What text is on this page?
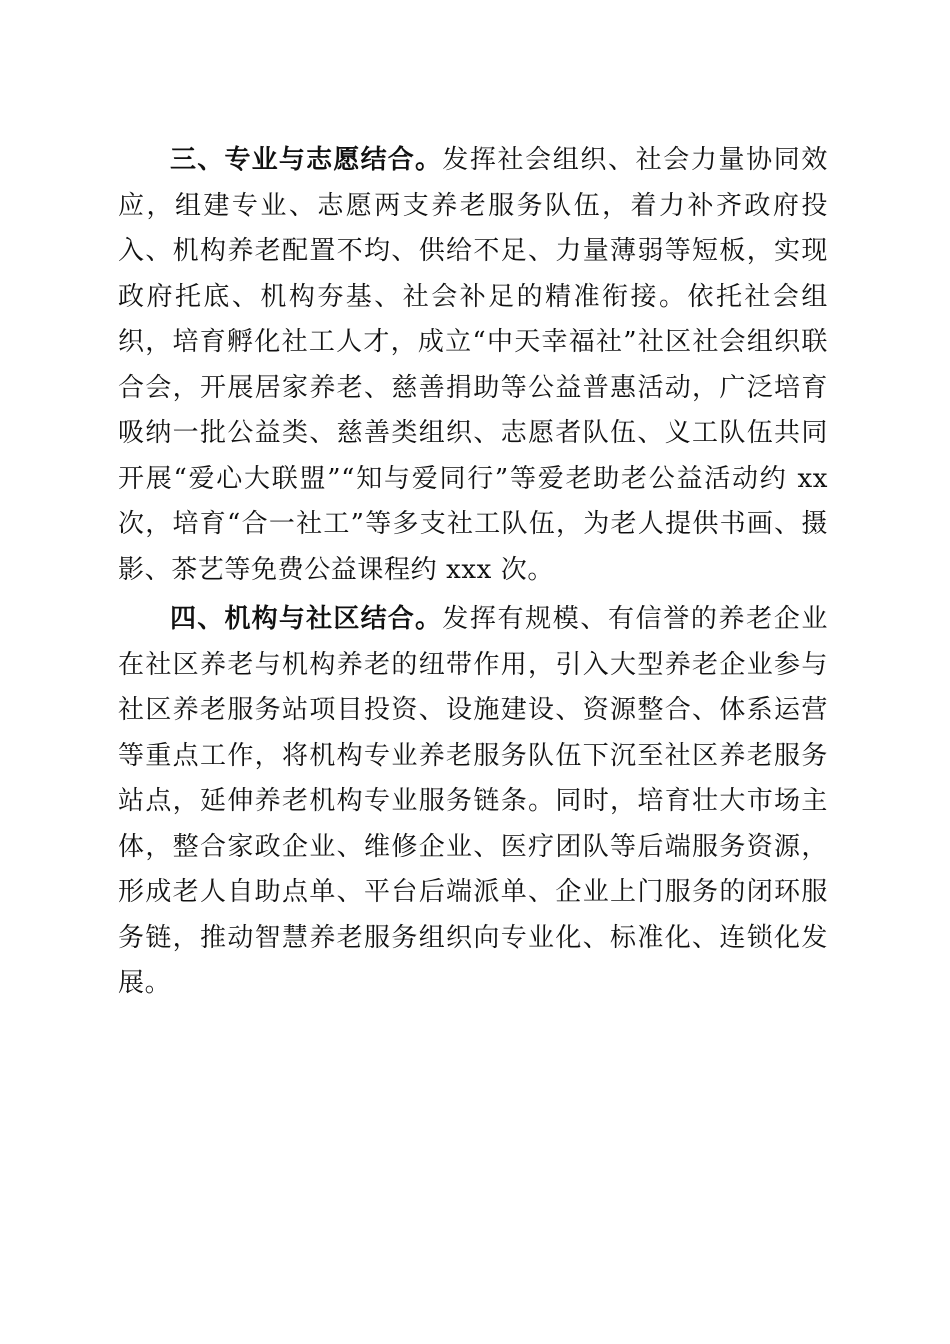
三、专业与志愿结合。发挥社会组织、社会力量协同效应，组建专业、志愿两支养老服务队伍，着力补齐政府投入、机构养老配置不均、供给不足、力量薄弱等短板，实现政府托底、机构夯基、社会补足的精准衔接。依托社会组织，培育孵化社工人才，成立“中天幸福社”社区社会组织联合会，开展居家养老、慈善捐助等公益普惠活动，广泛培育吸纳一批公益类、慈善类组织、志愿者队伍、义工队伍共同开展“爱心大联盟”“知与爱同行”等爱老助老公益活动约 xx 次，培育“合一社工”等多支社工队伍，为老人提供书画、摄影、茶艺等免费公益课程约 xxx 次。

四、机构与社区结合。发挥有规模、有信誉的养老企业在社区养老与机构养老的纽带作用，引入大型养老企业参与社区养老服务站项目投资、设施建设、资源整合、体系运营等重点工作，将机构专业养老服务队伍下沉至社区养老服务站点，延伸养老机构专业服务链条。同时，培育壮大市场主体，整合家政企业、维修企业、医疗团队等后端服务资源，形成老人自助点单、平台后端派单、企业上门服务的闭环服务链，推动智慧养老服务组织向专业化、标准化、连锁化发展。
